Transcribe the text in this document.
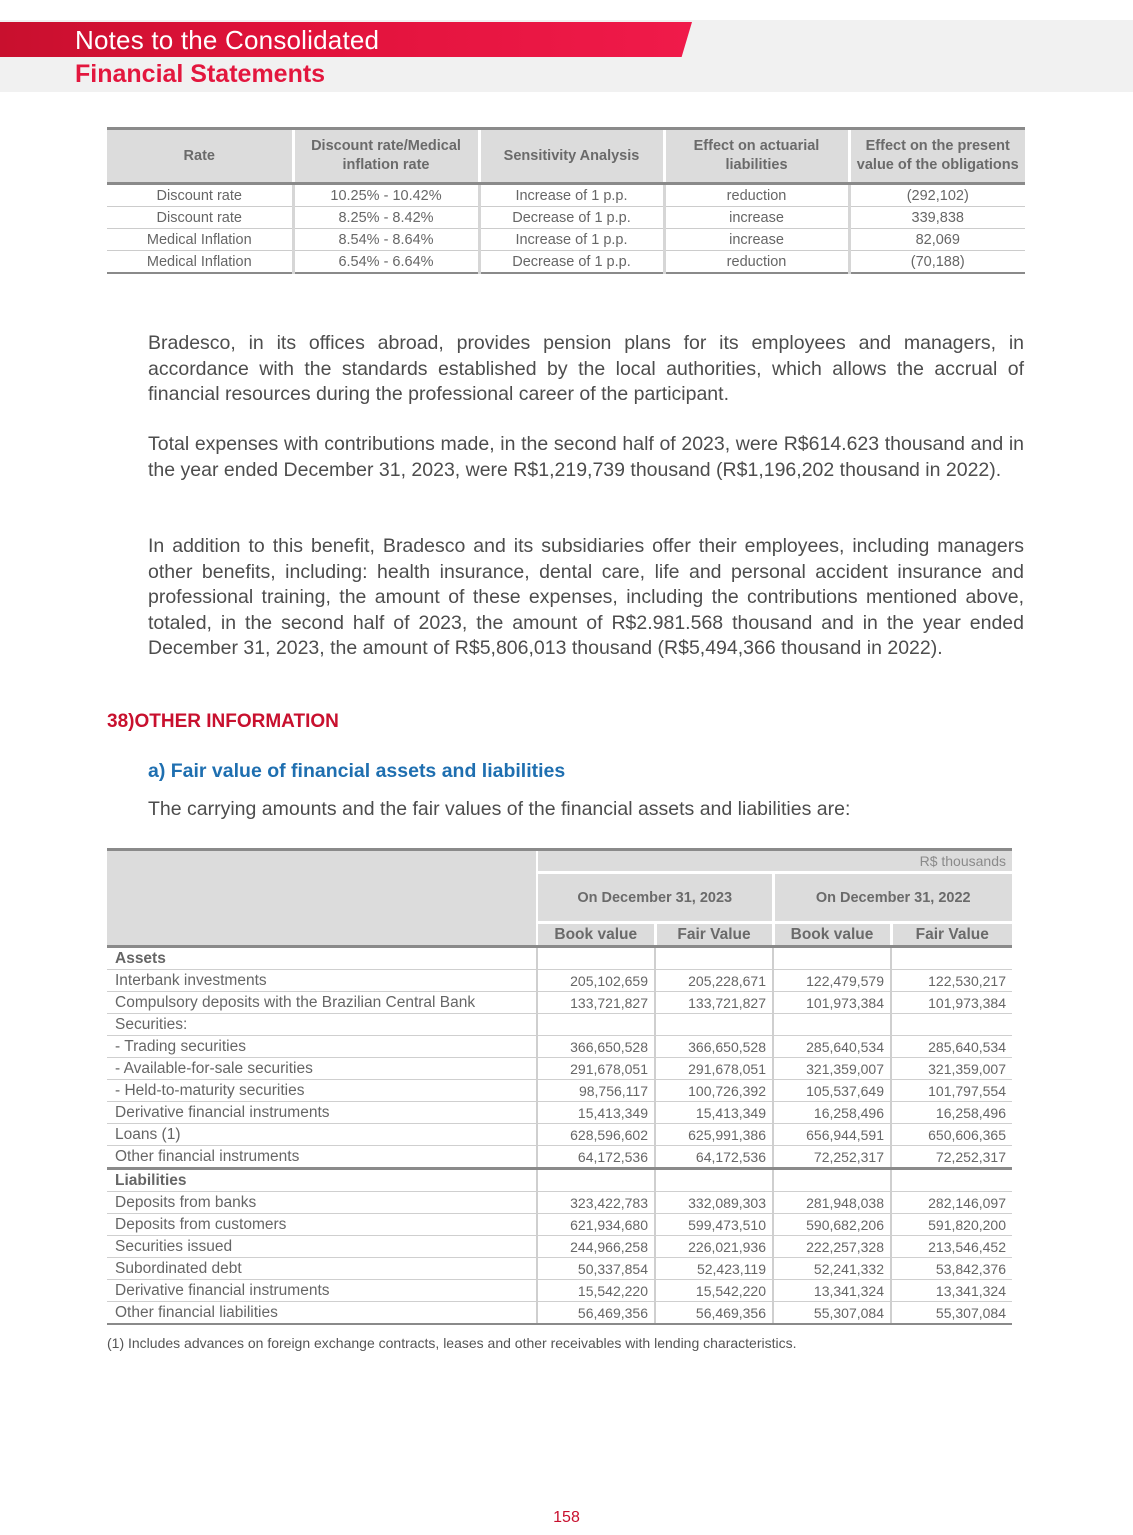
Notes to the Consolidated
Financial Statements
Rate	Discount rate/Medical inflation rate	Sensitivity Analysis	Effect on actuarial liabilities	Effect on the present value of the obligations
Discount rate	10.25% - 10.42%	Increase of 1 p.p.	reduction	(292,102)
Discount rate	8.25% - 8.42%	Decrease of 1 p.p.	increase	339,838
Medical Inflation	8.54% - 8.64%	Increase of 1 p.p.	increase	82,069
Medical Inflation	6.54% - 6.64%	Decrease of 1 p.p.	reduction	(70,188)

Bradesco, in its offices abroad, provides pension plans for its employees and managers, in accordance with the standards established by the local authorities, which allows the accrual of financial resources during the professional career of the participant.

Total expenses with contributions made, in the second half of 2023, were R$614.623 thousand and in the year ended December 31, 2023, were R$1,219,739 thousand (R$1,196,202 thousand in 2022).

In addition to this benefit, Bradesco and its subsidiaries offer their employees, including managers other benefits, including: health insurance, dental care, life and personal accident insurance and professional training, the amount of these expenses, including the contributions mentioned above, totaled, in the second half of 2023, the amount of R$2.981.568 thousand and in the year ended December 31, 2023, the amount of R$5,806,013 thousand (R$5,494,366 thousand in 2022).

38)OTHER INFORMATION

a) Fair value of financial assets and liabilities

The carrying amounts and the fair values of the financial assets and liabilities are:

	R$ thousands			
	On December 31, 2023		On December 31, 2022	
	Book value	Fair Value	Book value	Fair Value
Assets				
Interbank investments	205,102,659	205,228,671	122,479,579	122,530,217
Compulsory deposits with the Brazilian Central Bank	133,721,827	133,721,827	101,973,384	101,973,384
Securities:				
- Trading securities	366,650,528	366,650,528	285,640,534	285,640,534
- Available-for-sale securities	291,678,051	291,678,051	321,359,007	321,359,007
- Held-to-maturity securities	98,756,117	100,726,392	105,537,649	101,797,554
Derivative financial instruments	15,413,349	15,413,349	16,258,496	16,258,496
Loans (1)	628,596,602	625,991,386	656,944,591	650,606,365
Other financial instruments	64,172,536	64,172,536	72,252,317	72,252,317
Liabilities				
Deposits from banks	323,422,783	332,089,303	281,948,038	282,146,097
Deposits from customers	621,934,680	599,473,510	590,682,206	591,820,200
Securities issued	244,966,258	226,021,936	222,257,328	213,546,452
Subordinated debt	50,337,854	52,423,119	52,241,332	53,842,376
Derivative financial instruments	15,542,220	15,542,220	13,341,324	13,341,324
Other financial liabilities	56,469,356	56,469,356	55,307,084	55,307,084

(1) Includes advances on foreign exchange contracts, leases and other receivables with lending characteristics.

158
